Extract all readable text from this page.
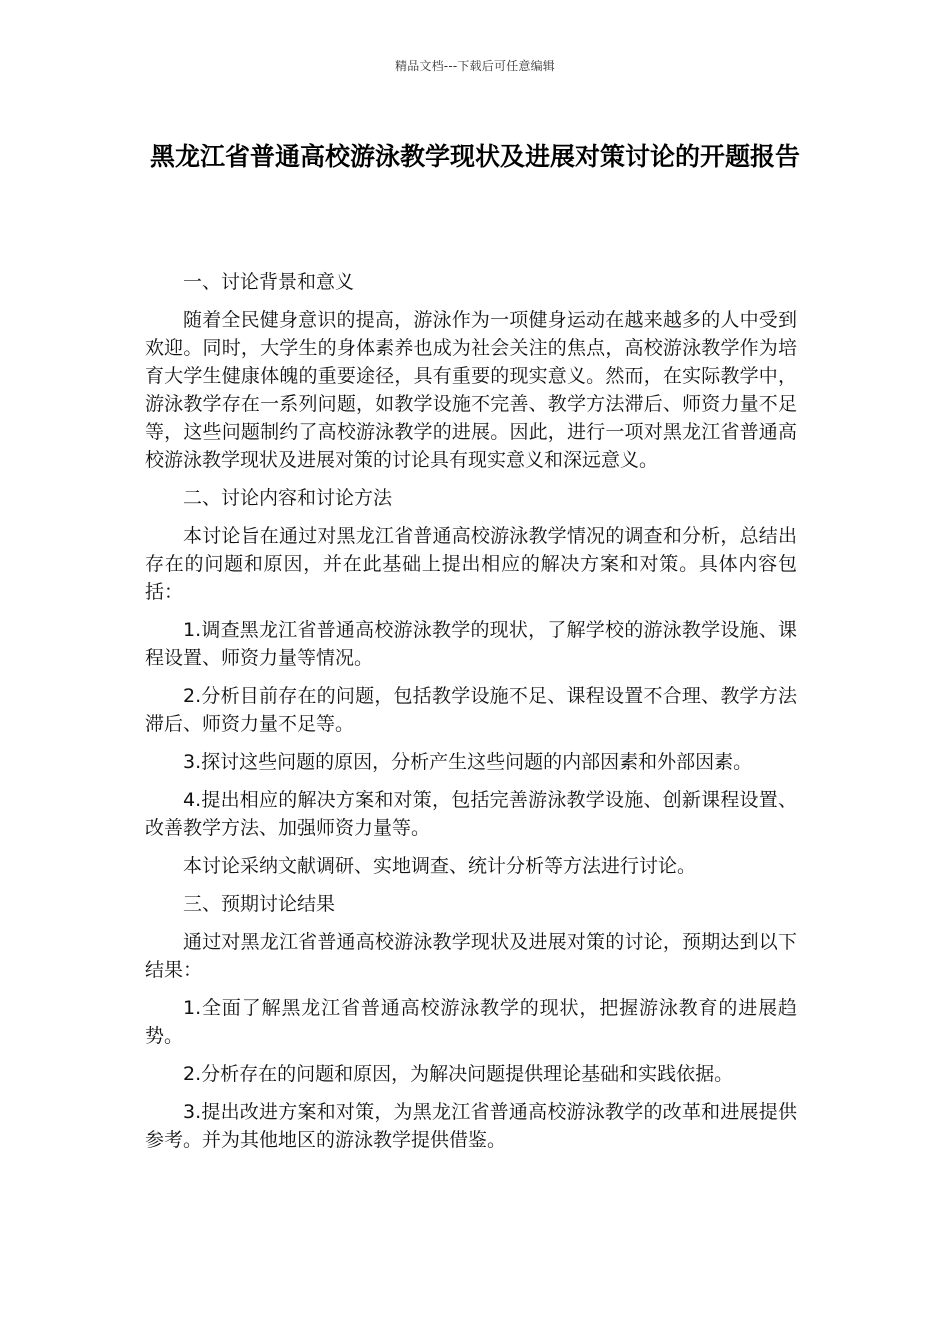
精品文档---下载后可任意编辑
黑龙江省普通高校游泳教学现状及进展对策讨论的开题报告

一、讨论背景和意义

随着全民健身意识的提高，游泳作为一项健身运动在越来越多的人中受到欢迎。同时，大学生的身体素养也成为社会关注的焦点，高校游泳教学作为培育大学生健康体魄的重要途径，具有重要的现实意义。然而，在实际教学中，游泳教学存在一系列问题，如教学设施不完善、教学方法滞后、师资力量不足等，这些问题制约了高校游泳教学的进展。因此，进行一项对黑龙江省普通高校游泳教学现状及进展对策的讨论具有现实意义和深远意义。

二、讨论内容和讨论方法

本讨论旨在通过对黑龙江省普通高校游泳教学情况的调查和分析，总结出存在的问题和原因，并在此基础上提出相应的解决方案和对策。具体内容包括：

1.调查黑龙江省普通高校游泳教学的现状，了解学校的游泳教学设施、课程设置、师资力量等情况。

2.分析目前存在的问题，包括教学设施不足、课程设置不合理、教学方法滞后、师资力量不足等。

3.探讨这些问题的原因，分析产生这些问题的内部因素和外部因素。

4.提出相应的解决方案和对策，包括完善游泳教学设施、创新课程设置、改善教学方法、加强师资力量等。

本讨论采纳文献调研、实地调查、统计分析等方法进行讨论。

三、预期讨论结果

通过对黑龙江省普通高校游泳教学现状及进展对策的讨论，预期达到以下结果：

1.全面了解黑龙江省普通高校游泳教学的现状，把握游泳教育的进展趋势。

2.分析存在的问题和原因，为解决问题提供理论基础和实践依据。

3.提出改进方案和对策，为黑龙江省普通高校游泳教学的改革和进展提供参考。并为其他地区的游泳教学提供借鉴。
